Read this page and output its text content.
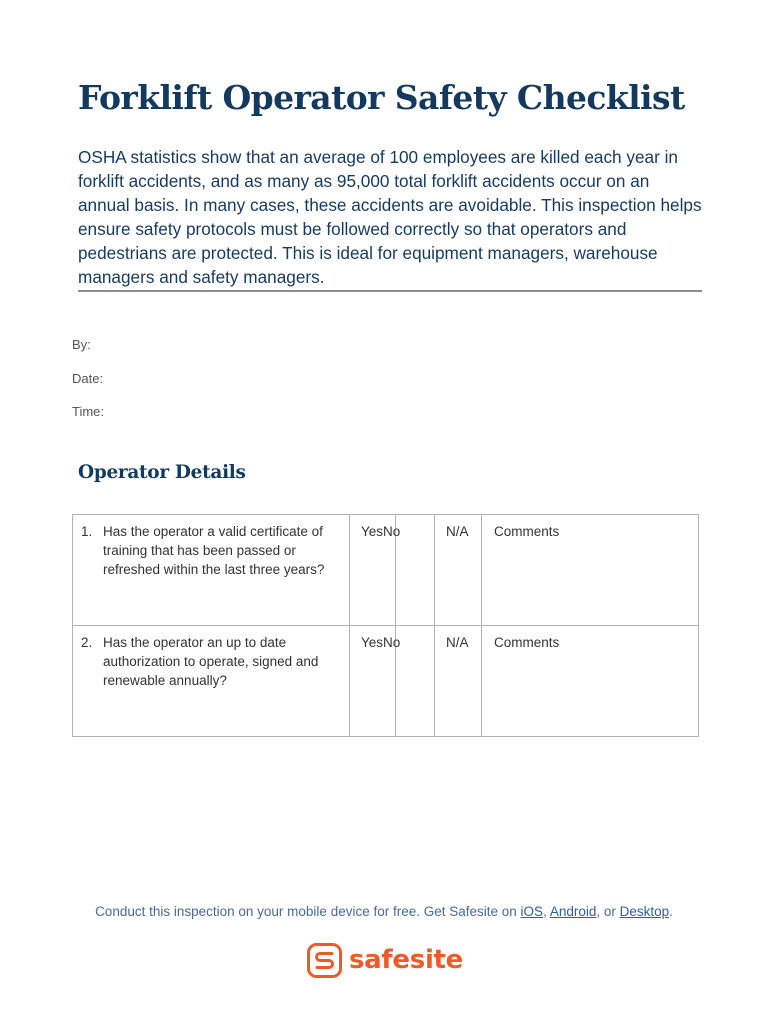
Forklift Operator Safety Checklist

OSHA statistics show that an average of 100 employees are killed each year in forklift accidents, and as many as 95,000 total forklift accidents occur on an annual basis. In many cases, these accidents are avoidable. This inspection helps ensure safety protocols must be followed correctly so that operators and pedestrians are protected. This is ideal for equipment managers, warehouse managers and safety managers.

By:

Date:

Time:

Operator Details
1. Has the operator a valid certificate of training that has been passed or refreshed within the last three years?	YesNo		N/A	Comments

2. Has the operator an up to date authorization to operate, signed and renewable annually?	YesNo		N/A	Comments

Conduct this inspection on your mobile device for free. Get Safesite on iOS, Android, or Desktop.

safesite
